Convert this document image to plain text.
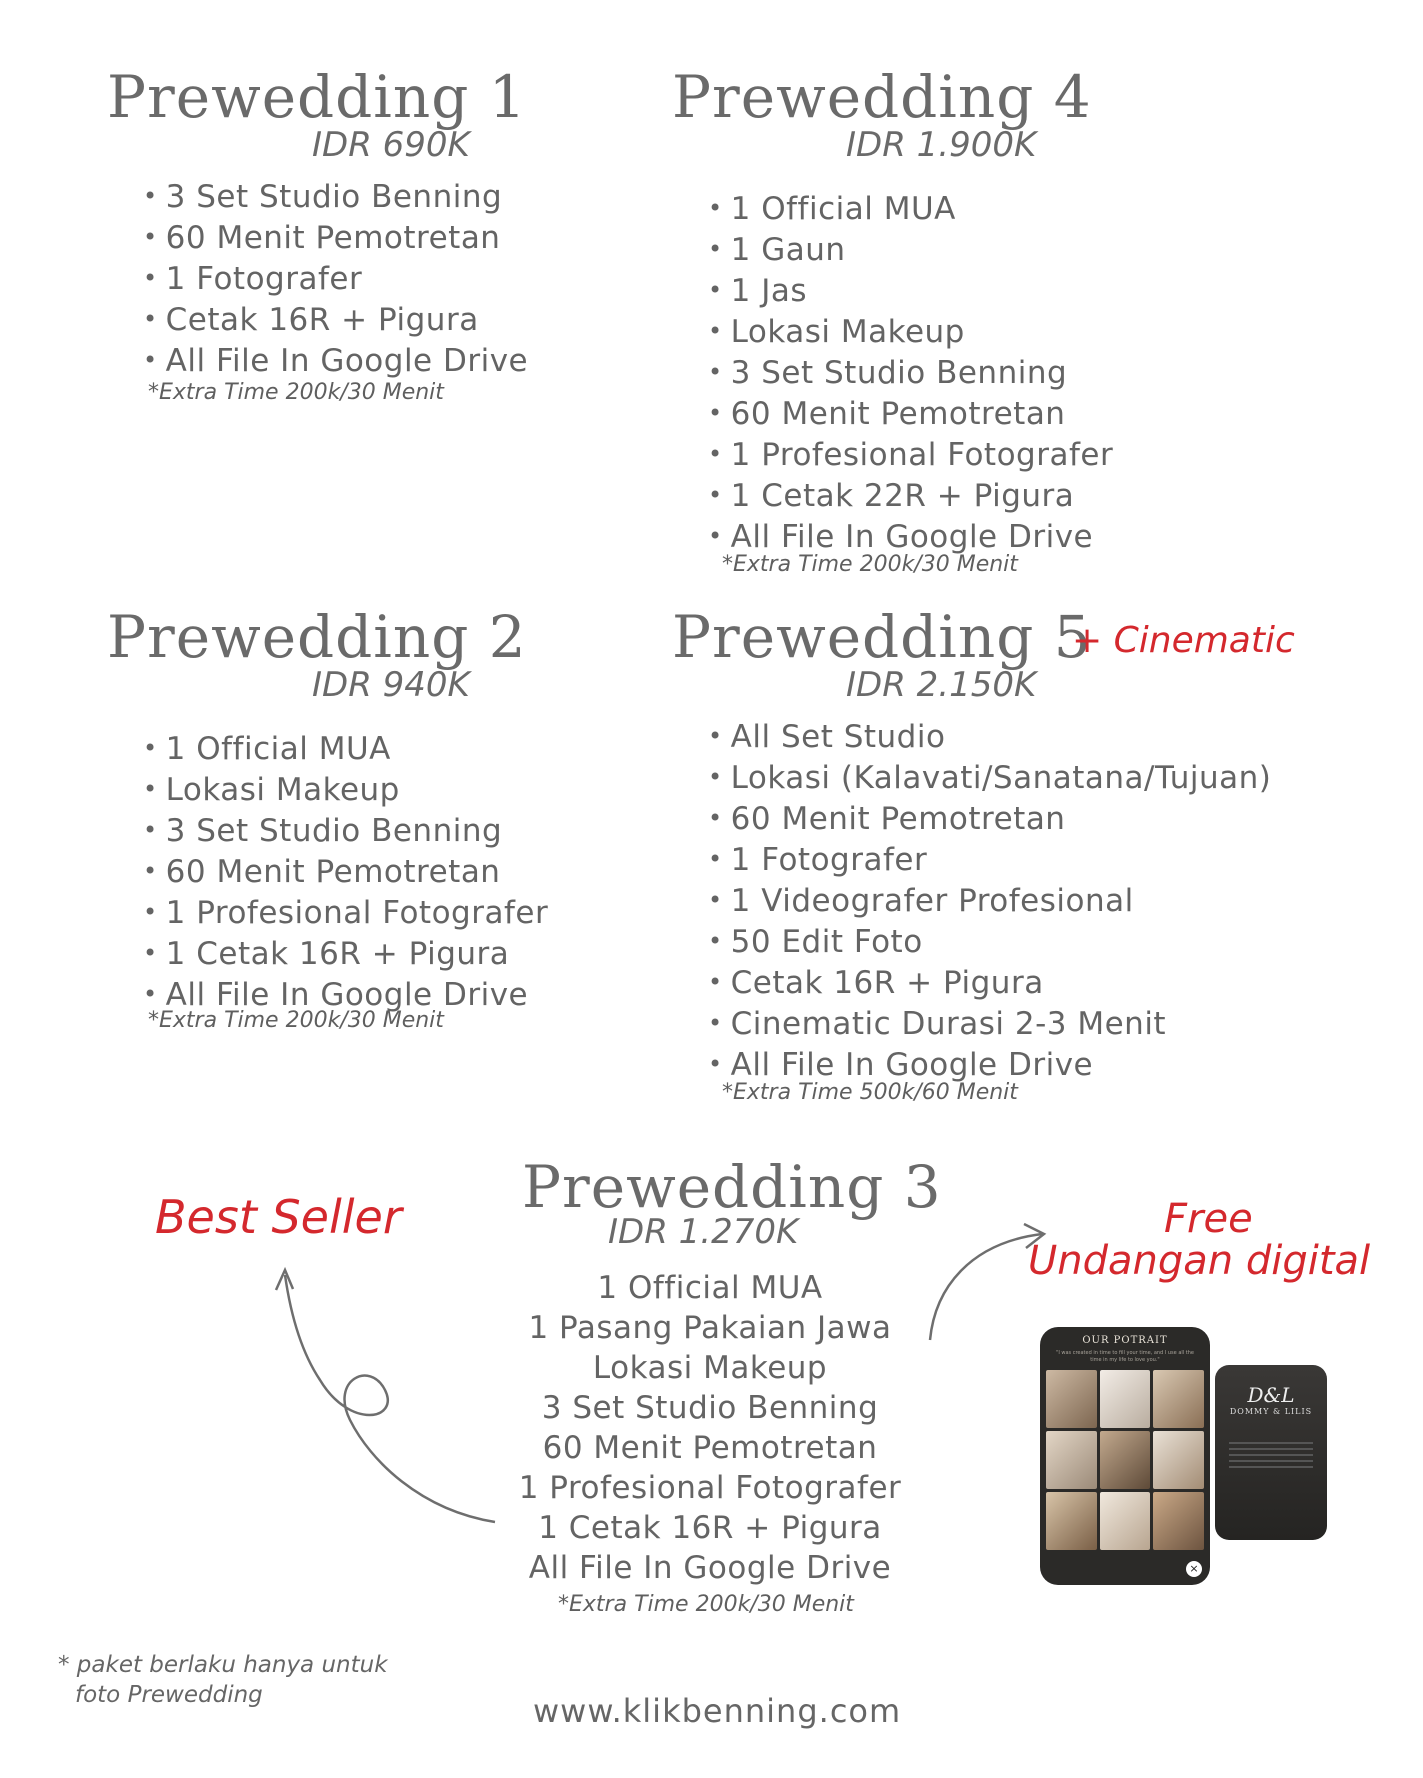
Prewedding 1
IDR 690K
• 3 Set Studio Benning
• 60 Menit Pemotretan
• 1 Fotografer
• Cetak 16R + Pigura
• All File In Google Drive
*Extra Time 200k/30 Menit
Prewedding 4
IDR 1.900K
• 1 Official MUA
• 1 Gaun
• 1 Jas
• Lokasi Makeup
• 3 Set Studio Benning
• 60 Menit Pemotretan
• 1 Profesional Fotografer
• 1 Cetak 22R + Pigura
• All File In Google Drive
*Extra Time 200k/30 Menit
Prewedding 2
IDR 940K
• 1 Official MUA
• Lokasi Makeup
• 3 Set Studio Benning
• 60 Menit Pemotretan
• 1 Profesional Fotografer
• 1 Cetak 16R + Pigura
• All File In Google Drive
*Extra Time 200k/30 Menit
Prewedding 5
+ Cinematic
IDR 2.150K
• All Set Studio
• Lokasi (Kalavati/Sanatana/Tujuan)
• 60 Menit Pemotretan
• 1 Fotografer
• 1 Videografer Profesional
• 50 Edit Foto
• Cetak 16R + Pigura
• Cinematic Durasi 2-3 Menit
• All File In Google Drive
*Extra Time 500k/60 Menit
Prewedding 3
IDR 1.270K
1 Official MUA
1 Pasang Pakaian Jawa
Lokasi Makeup
3 Set Studio Benning
60 Menit Pemotretan
1 Profesional Fotografer
1 Cetak 16R + Pigura
All File In Google Drive
*Extra Time 200k/30 Menit
Best Seller	Free
Undangan digital
D&L
DOMMY & LILIS
OUR POTRAIT
"I was created in time to fill your time, and I use all the time in my life to love you."
×
* paket berlaku hanya untuk
foto Prewedding	www.klikbenning.com
